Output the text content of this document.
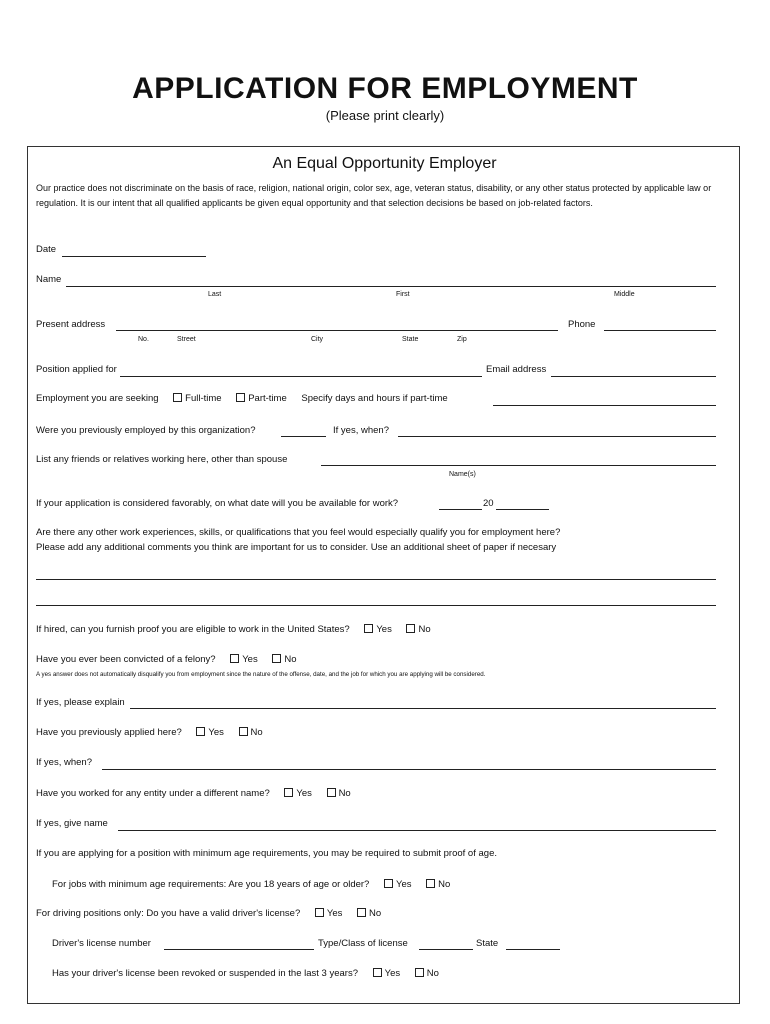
APPLICATION FOR EMPLOYMENT
(Please print clearly)
An Equal Opportunity Employer
Our practice does not discriminate on the basis of race, religion, national origin, color sex, age, veteran status, disability, or any other status protected by applicable law or regulation. It is our intent that all qualified applicants be given equal opportunity and that selection decisions be based on job-related factors.
Date
Name
Last	First	Middle
Present address
No.	Street	City	State	Zip
Phone
Position applied for	Email address
Employment you are seeking	Full-time	Part-time Specify days and hours if part-time
Were you previously employed by this organization?	If yes, when?
List any friends or relatives working here, other than spouse
Name(s)
If your application is considered favorably, on what date will you be available for work?	20
Are there any other work experiences, skills, or qualifications that you feel would especially qualify you for employment here?
Please add any additional comments you think are important for us to consider. Use an additional sheet of paper if necesary
If hired, can you furnish proof you are eligible to work in the United States?	Yes	No
Have you ever been convicted of a felony?	Yes	No
A yes answer does not automatically disqualify you from employment since the nature of the offense, date, and the job for which you are applying will be considered.
If yes, please explain
Have you previously applied here?	Yes	No
If yes, when?
Have you worked for any entity under a different name?	Yes	No
If yes, give name
If you are applying for a position with minimum age requirements, you may be required to submit proof of age.
For jobs with minimum age requirements: Are you 18 years of age or older?	Yes	No
For driving positions only: Do you have a valid driver's license?	Yes	No
Driver's license number	Type/Class of license	State
Has your driver's license been revoked or suspended in the last 3 years?	Yes	No
